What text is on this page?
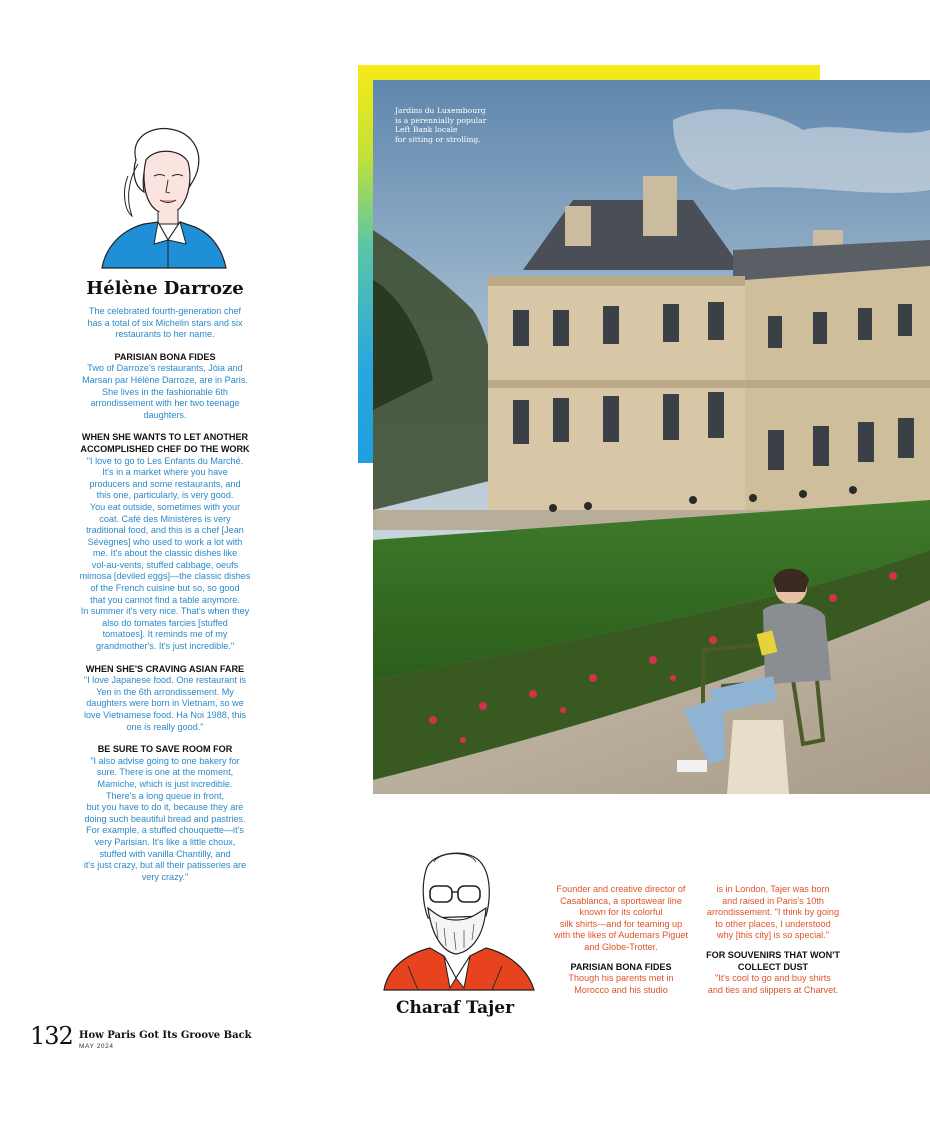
Hélène Darroze

The celebrated fourth-generation chef
has a total of six Michelin stars and six
restaurants to her name.

PARISIAN BONA FIDES

Two of Darroze's restaurants, Jòia and
Marsan par Hélène Darroze, are in Paris.
She lives in the fashionable 6th
arrondissement with her two teenage
daughters.

WHEN SHE WANTS TO LET ANOTHER
ACCOMPLISHED CHEF DO THE WORK

"I love to go to Les Enfants du Marché.
It's in a market where you have
producers and some restaurants, and
this one, particularly, is very good.
You eat outside, sometimes with your
coat. Café des Ministères is very
traditional food, and this is a chef [Jean
Sévègnes] who used to work a lot with
me. It's about the classic dishes like
vol-au-vents, stuffed cabbage, oeufs
mimosa [deviled eggs]—the classic dishes
of the French cuisine but so, so good
that you cannot find a table anymore.
In summer it's very nice. That's when they
also do tomates farcies [stuffed
tomatoes]. It reminds me of my
grandmother's. It's just incredible."

WHEN SHE'S CRAVING ASIAN FARE

"I love Japanese food. One restaurant is
Yen in the 6th arrondissement. My
daughters were born in Vietnam, so we
love Vietnamese food. Ha Noi 1988, this
one is really good."

BE SURE TO SAVE ROOM FOR

"I also advise going to one bakery for
sure. There is one at the moment,
Mamiche, which is just incredible.
There's a long queue in front,
but you have to do it, because they are
doing such beautiful bread and pastries.
For example, a stuffed chouquette—it's
very Parisian. It's like a little choux,
stuffed with vanilla Chantilly, and
it's just crazy, but all their patisseries are
very crazy."

Jardins du Luxembourg
is a perennially popular
Left Bank locale
for sitting or strolling.
Charaf Tajer

Founder and creative director of
Casablanca, a sportswear line
known for its colorful
silk shirts—and for teaming up
with the likes of Audemars Piguet
and Globe-Trotter.

PARISIAN BONA FIDES

Though his parents met in
Morocco and his studio

is in London, Tajer was born
and raised in Paris's 10th
arrondissement. "I think by going
to other places, I understood
why [this city] is so special."

FOR SOUVENIRS THAT WON'T
COLLECT DUST

"It's cool to go and buy shirts
and ties and slippers at Charvet.

132 How Paris Got Its Groove Back
MAY 2024
